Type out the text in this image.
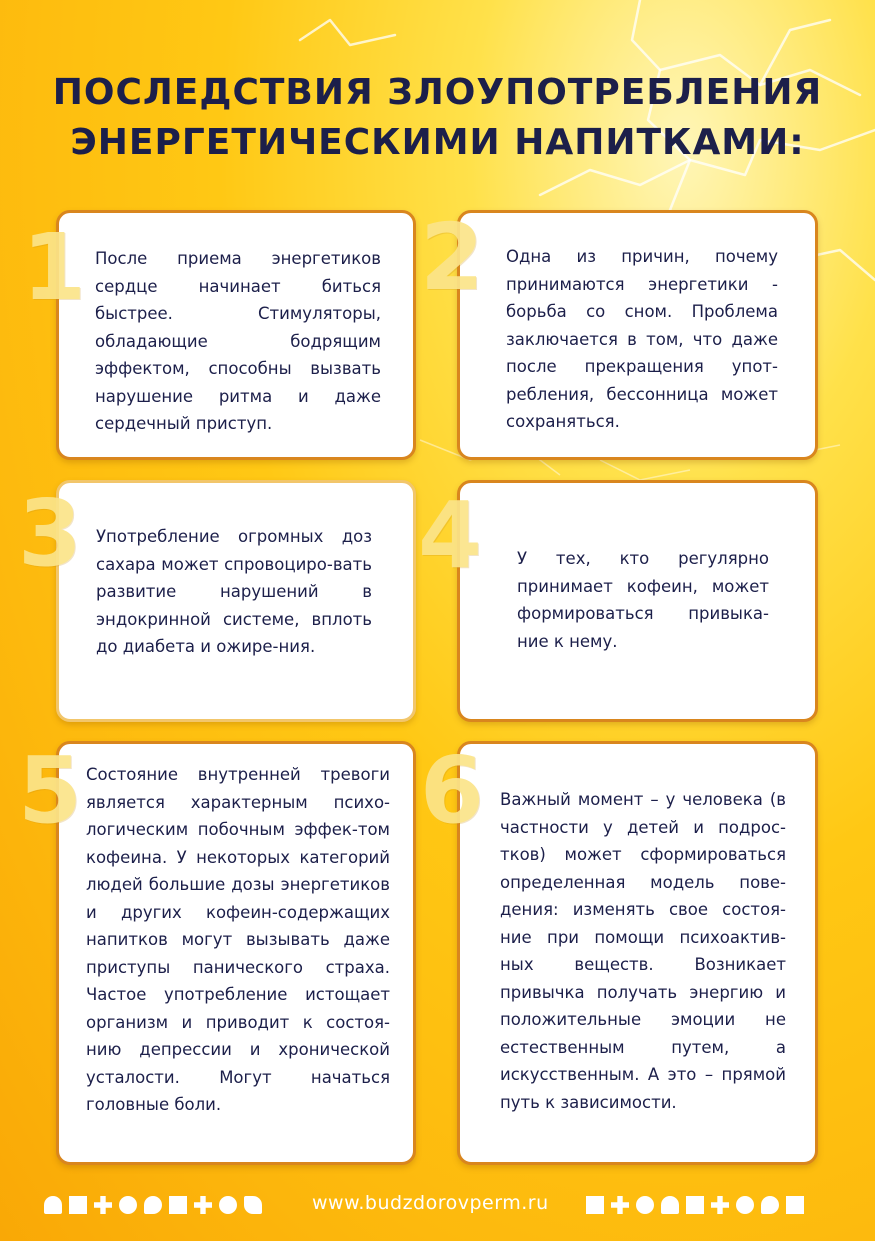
ПОСЛЕДСТВИЯ ЗЛОУПОТРЕБЛЕНИЯ
ЭНЕРГЕТИЧЕСКИМИ НАПИТКАМИ:

После приема энергетиков сердце начинает биться быстрее. Стимуляторы, обладающие бодрящим эффектом, способны вызвать нарушение ритма и даже сердечный приступ.

1	Одна из причин, почему принимаются энергетики - борьба со сном. Проблема заключается в том, что даже после прекращения упот-ребления, бессонница может сохраняться.

2

Употребление огромных доз сахара может спровоциро-вать развитие нарушений в эндокринной системе, вплоть до диабета и ожире-ния.

3	У тех, кто регулярно принимает кофеин, может формироваться привыка-ние к нему.

4

Состояние внутренней тревоги является характерным психо-логическим побочным эффек-том кофеина. У некоторых категорий людей большие дозы энергетиков и других кофеин-содержащих напитков могут вызывать даже приступы панического страха. Частое употребление истощает организм и приводит к состоя-нию депрессии и хронической усталости. Могут начаться головные боли.

5	Важный момент – у человека (в частности у детей и подрос-тков) может сформироваться определенная модель пове-дения: изменять свое состоя-ние при помощи психоактив-ных веществ. Возникает привычка получать энергию и положительные эмоции не естественным путем, а искусственным. А это – прямой путь к зависимости.

6
www.budzdorovperm.ru
